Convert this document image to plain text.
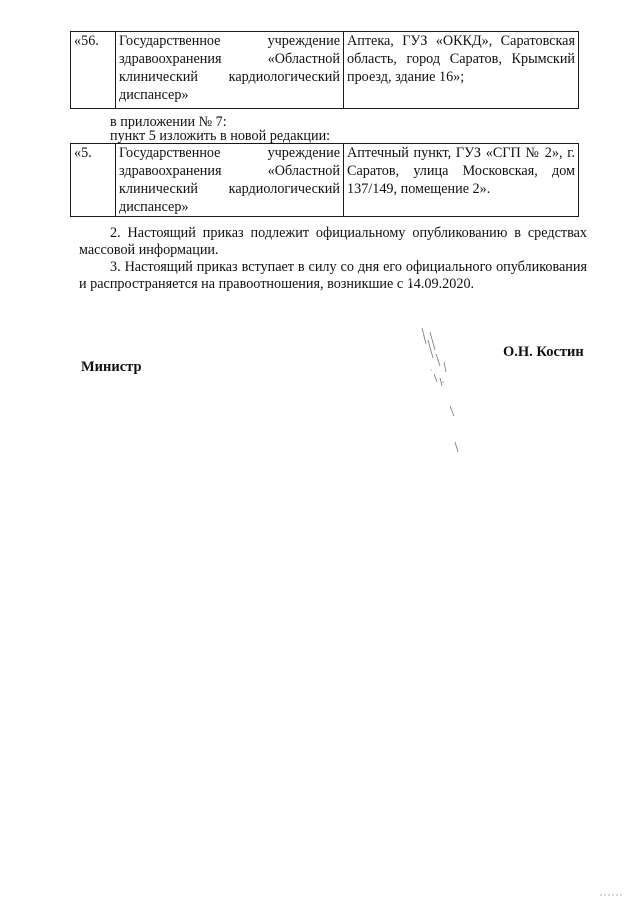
«56.	Государственное учреждение здравоохранения «Областной клинический кардиологический диспансер»	Аптека, ГУЗ «ОККД», Саратовская область, город Саратов, Крымский проезд, здание 16»;
в приложении № 7:
пункт 5 изложить в новой редакции:
«5.	Государственное учреждение здравоохранения «Областной клинический кардиологический диспансер»	Аптечный пункт, ГУЗ «СГП № 2», г. Саратов, улица Московская, дом 137/149, помещение 2».
2. Настоящий приказ подлежит официальному опубликованию в средствах массовой информации.
3. Настоящий приказ вступает в силу со дня его официального опубликования и распространяется на правоотношения, возникшие с 14.09.2020.
Министр
О.Н. Костин
